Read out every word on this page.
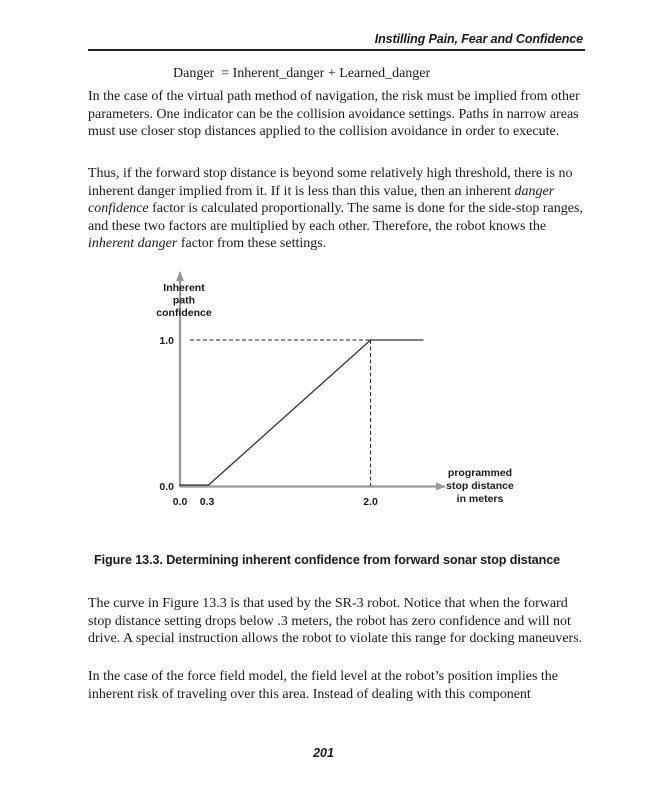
Instilling Pain, Fear and Confidence
Danger  = Inherent_danger + Learned_danger

In the case of the virtual path method of navigation, the risk must be implied from other parameters. One indicator can be the collision avoidance settings. Paths in narrow areas must use closer stop distances applied to the collision avoidance in order to execute.

Thus, if the forward stop distance is beyond some relatively high threshold, there is no inherent danger implied from it. If it is less than this value, then an inherent danger confidence factor is calculated proportionally. The same is done for the side-stop ranges, and these two factors are multiplied by each other. Therefore, the robot knows the inherent danger factor from these settings.

0.0 0.3	2.0
0.0
1.0
Inherent
path
confidence
programmed
stop distance
in meters
Figure 13.3. Determining inherent confidence from forward sonar stop distance

The curve in Figure 13.3 is that used by the SR-3 robot. Notice that when the forward stop distance setting drops below .3 meters, the robot has zero confidence and will not drive. A special instruction allows the robot to violate this range for docking maneuvers.

In the case of the force field model, the field level at the robot’s position implies the inherent risk of traveling over this area. Instead of dealing with this component

201
